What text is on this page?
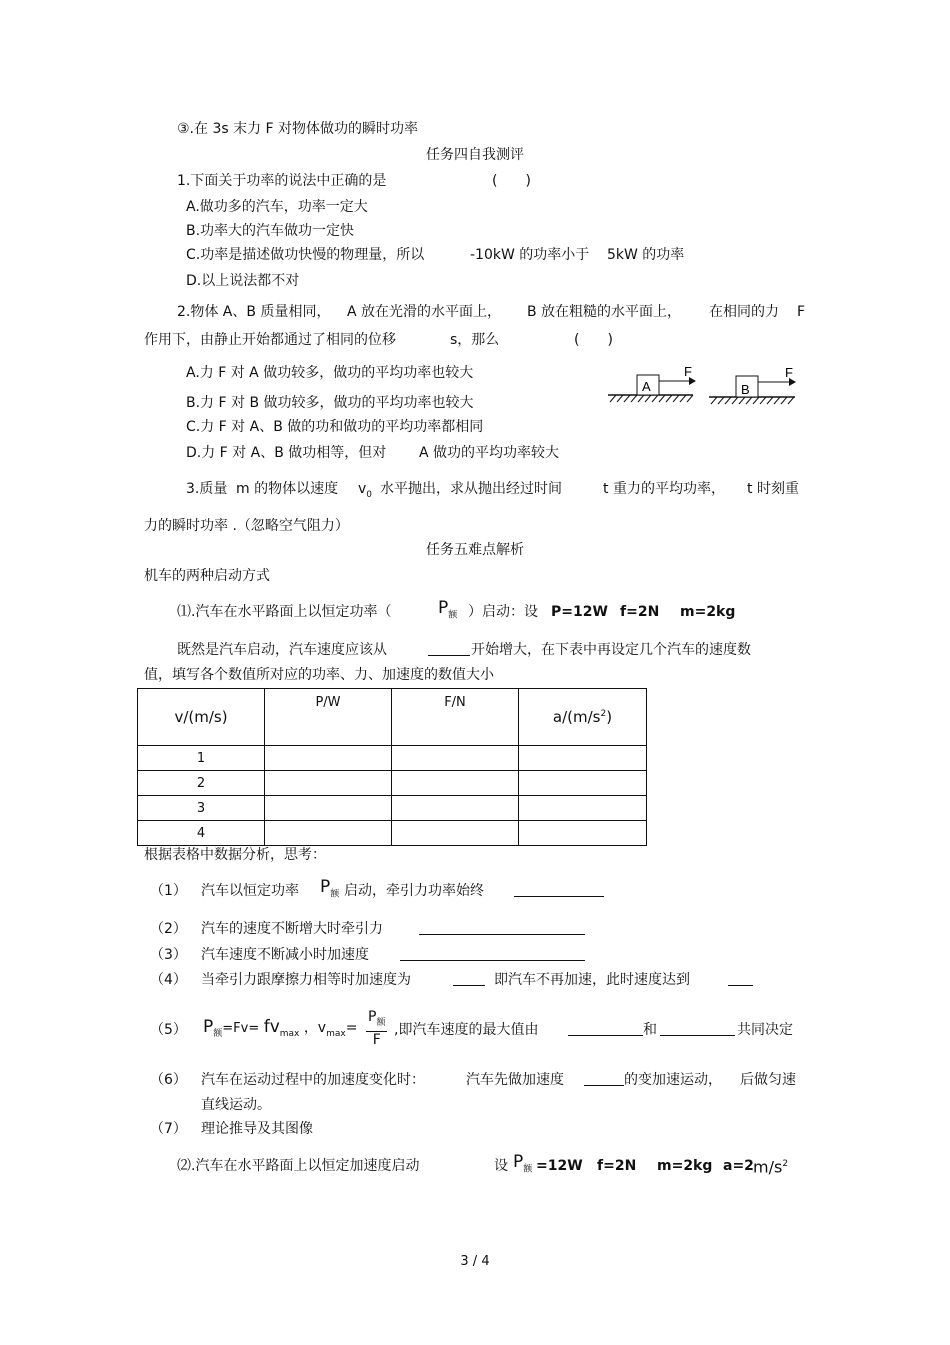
③.在 3s 末力 F 对物体做功的瞬时功率
任务四自我测评
1.下面关于功率的说法中正确的是	(　　)
A.做功多的汽车，功率一定大
B.功率大的汽车做功一定快
C.功率是描述做功快慢的物理量，所以	-10kW 的功率小于 5kW 的功率
D.以上说法都不对
2.物体 A、B 质量相同， A 放在光滑的水平面上， B 放在粗糙的水平面上， 在相同的力 F
作用下，由静止开始都通过了相同的位移	s，那么	(　　)
A.力 F 对 A 做功较多，做功的平均功率也较大
B.力 F 对 B 做功较多，做功的平均功率也较大
C.力 F 对 A、B 做的功和做功的平均功率都相同
D.力 F 对 A、B 做功相等，但对 A 做功的平均功率较大
A
F
B
F
3.质量 m 的物体以速度 $v_0$ 水平抛出，求从抛出经过时间	t 重力的平均功率， t 时刻重
力的瞬时功率 .（忽略空气阻力）
任务五难点解析
机车的两种启动方式
⑴.汽车在水平路面上以恒定功率（	$P_额$ ）启动：设 P=12W f=2N m=2kg
既然是汽车启动，汽车速度应该从	开始增大，在下表中再设定几个汽车的速度数
值，填写各个数值所对应的功率、力、加速度的数值大小
v/(m/s)	P/W	F/N	$a/(m/s^2)$
1			
2			
3			
4			
根据表格中数据分析，思考：
（1） 汽车以恒定功率 $P_额$ 启动，牵引力功率始终
（2） 汽车的速度不断增大时牵引力
（3） 汽车速度不断减小时加速度
（4） 当牵引力跟摩擦力相等时加速度为	即汽车不再加速，此时速度达到
（5） $P_额=Fv= fv_{max}$ ，$v_{max}= \frac{P_额}{F}$ ,即汽车速度的最大值由	和	共同决定
（6） 汽车在运动过程中的加速度变化时：	汽车先做加速度	的变加速运动， 后做匀速
直线运动。
（7） 理论推导及其图像
⑵.汽车在水平路面上以恒定加速度启动	设 $P_额 =12W$ f=2N m=2kg a=2 $m/s^2$
3 / 4
